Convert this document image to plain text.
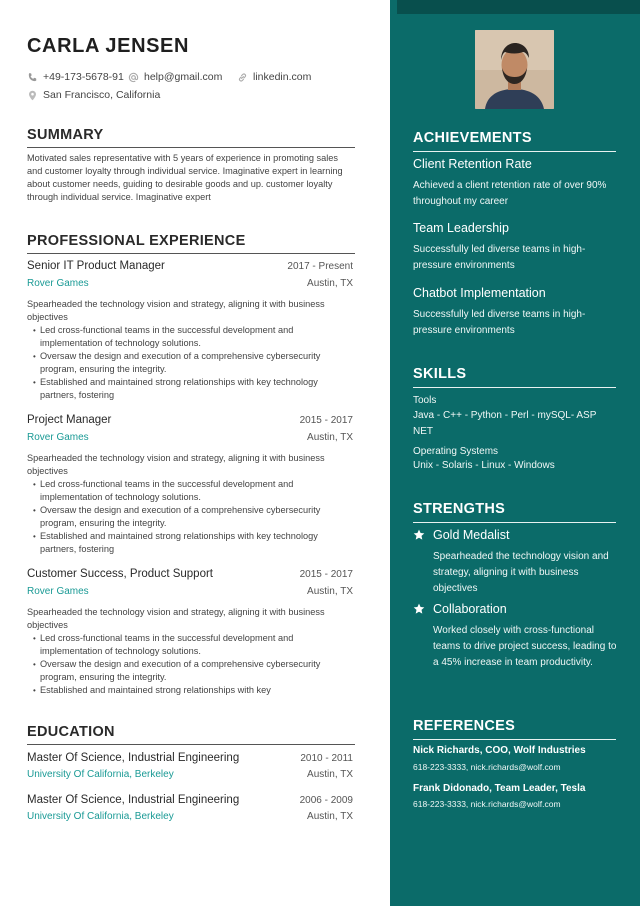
CARLA JENSEN
+49-173-5678-91 help@gmail.com	linkedin.com
San Francisco, California
SUMMARY
Motivated sales representative with 5 years of experience in promoting sales and customer loyalty through individual service. Imaginative expert in learning about customer needs, guiding to desirable goods and up. customer loyalty through individual service. Imaginative expert
PROFESSIONAL EXPERIENCE
Senior IT Product Manager	2017 - Present
Rover Games	Austin, TX
Spearheaded the technology vision and strategy, aligning it with business objectives
• Led cross-functional teams in the successful development and implementation of technology solutions.
• Oversaw the design and execution of a comprehensive cybersecurity program, ensuring the integrity.
• Established and maintained strong relationships with key technology partners, fostering
Project Manager	2015 - 2017
Rover Games	Austin, TX
Spearheaded the technology vision and strategy, aligning it with business objectives
• Led cross-functional teams in the successful development and implementation of technology solutions.
• Oversaw the design and execution of a comprehensive cybersecurity program, ensuring the integrity.
• Established and maintained strong relationships with key technology partners, fostering
Customer Success, Product Support	2015 - 2017
Rover Games	Austin, TX
Spearheaded the technology vision and strategy, aligning it with business objectives
• Led cross-functional teams in the successful development and implementation of technology solutions.
• Oversaw the design and execution of a comprehensive cybersecurity program, ensuring the integrity.
• Established and maintained strong relationships with key
EDUCATION
Master Of Science, Industrial Engineering	2010 - 2011
University Of California, Berkeley	Austin, TX
Master Of Science, Industrial Engineering	2006 - 2009
University Of California, Berkeley	Austin, TX
ACHIEVEMENTS
Client Retention Rate
Achieved a client retention rate of over 90% throughout my career
Team Leadership
Successfully led diverse teams in high-pressure environments
Chatbot Implementation
Successfully led diverse teams in high-pressure environments
SKILLS
Tools
Java - C++ - Python - Perl - mySQL- ASP NET
Operating Systems
Unix - Solaris - Linux - Windows
STRENGTHS
Gold Medalist
Spearheaded the technology vision and strategy, aligning it with business objectives
Collaboration
Worked closely with cross-functional teams to drive project success, leading to a 45% increase in team productivity.
REFERENCES
Nick Richards, COO, Wolf Industries
618-223-3333, nick.richards@wolf.com
Frank Didonado, Team Leader, Tesla
618-223-3333, nick.richards@wolf.com
